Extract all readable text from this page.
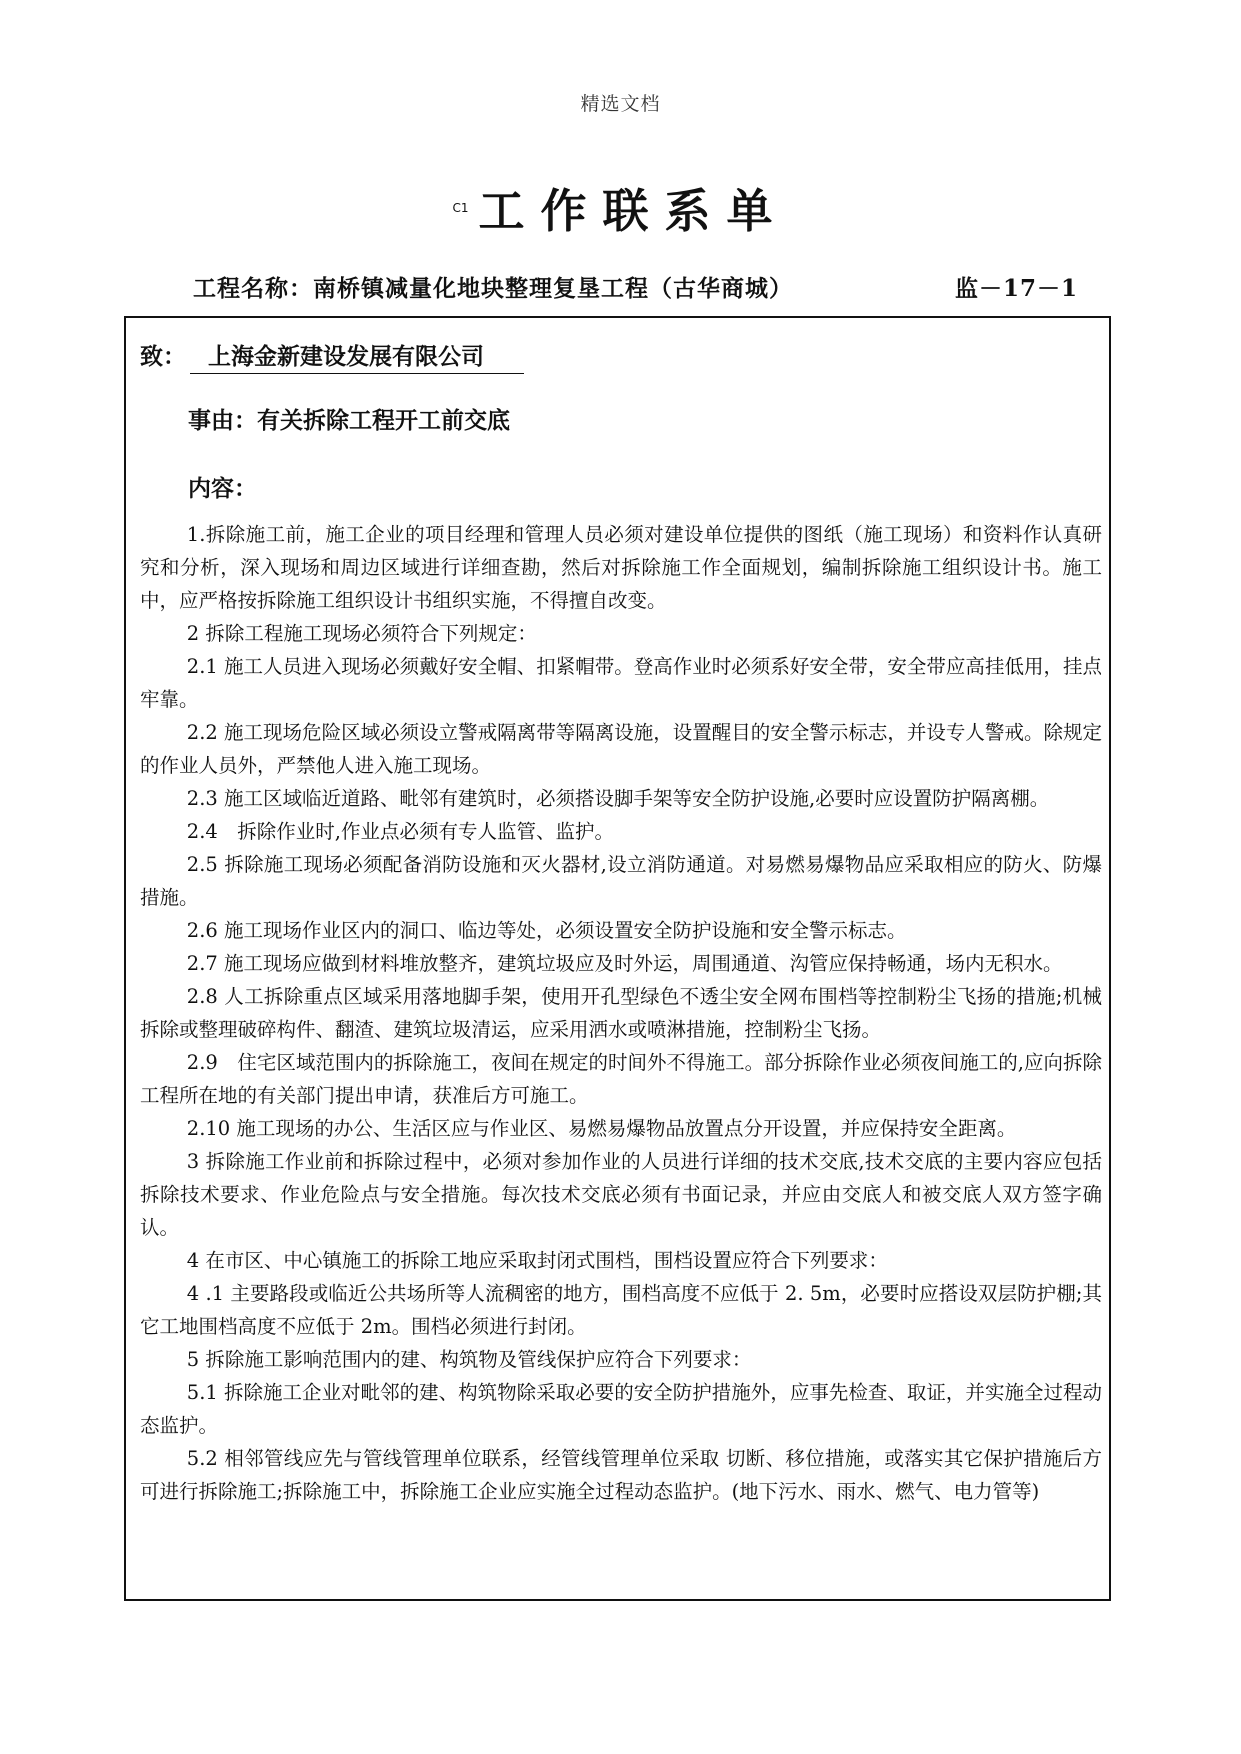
精选文档
C1 工作联系单
工程名称：南桥镇减量化地块整理复垦工程（古华商城）	监－17－1
致： 上海金新建设发展有限公司
事由：有关拆除工程开工前交底
内容：

1.拆除施工前，施工企业的项目经理和管理人员必须对建设单位提供的图纸（施工现场）和资料作认真研究和分析，深入现场和周边区域进行详细查勘，然后对拆除施工作全面规划，编制拆除施工组织设计书。施工中，应严格按拆除施工组织设计书组织实施，不得擅自改变。

2 拆除工程施工现场必须符合下列规定：

2.1 施工人员进入现场必须戴好安全帽、扣紧帽带。登高作业时必须系好安全带，安全带应高挂低用，挂点牢靠。

2.2 施工现场危险区域必须设立警戒隔离带等隔离设施，设置醒目的安全警示标志，并设专人警戒。除规定的作业人员外，严禁他人进入施工现场。

2.3 施工区域临近道路、毗邻有建筑时，必须搭设脚手架等安全防护设施,必要时应设置防护隔离棚。

2.4　拆除作业时,作业点必须有专人监管、监护。

2.5 拆除施工现场必须配备消防设施和灭火器材,设立消防通道。对易燃易爆物品应采取相应的防火、防爆措施。

2.6 施工现场作业区内的洞口、临边等处，必须设置安全防护设施和安全警示标志。

2.7 施工现场应做到材料堆放整齐，建筑垃圾应及时外运，周围通道、沟管应保持畅通，场内无积水。

2.8 人工拆除重点区域采用落地脚手架，使用开孔型绿色不透尘安全网布围档等控制粉尘飞扬的措施;机械拆除或整理破碎构件、翻渣、建筑垃圾清运，应采用洒水或喷淋措施，控制粉尘飞扬。

2.9　住宅区域范围内的拆除施工，夜间在规定的时间外不得施工。部分拆除作业必须夜间施工的,应向拆除工程所在地的有关部门提出申请，获准后方可施工。

2.10 施工现场的办公、生活区应与作业区、易燃易爆物品放置点分开设置，并应保持安全距离。

3 拆除施工作业前和拆除过程中，必须对参加作业的人员进行详细的技术交底,技术交底的主要内容应包括拆除技术要求、作业危险点与安全措施。每次技术交底必须有书面记录，并应由交底人和被交底人双方签字确认。

4 在市区、中心镇施工的拆除工地应采取封闭式围档，围档设置应符合下列要求：

4 .1 主要路段或临近公共场所等人流稠密的地方，围档高度不应低于 2. 5m，必要时应搭设双层防护棚;其它工地围档高度不应低于 2m。围档必须进行封闭。

5 拆除施工影响范围内的建、构筑物及管线保护应符合下列要求：

5.1 拆除施工企业对毗邻的建、构筑物除采取必要的安全防护措施外，应事先检查、取证，并实施全过程动态监护。

5.2 相邻管线应先与管线管理单位联系，经管线管理单位采取 切断、移位措施，或落实其它保护措施后方可进行拆除施工;拆除施工中，拆除施工企业应实施全过程动态监护。(地下污水、雨水、燃气、电力管等)
